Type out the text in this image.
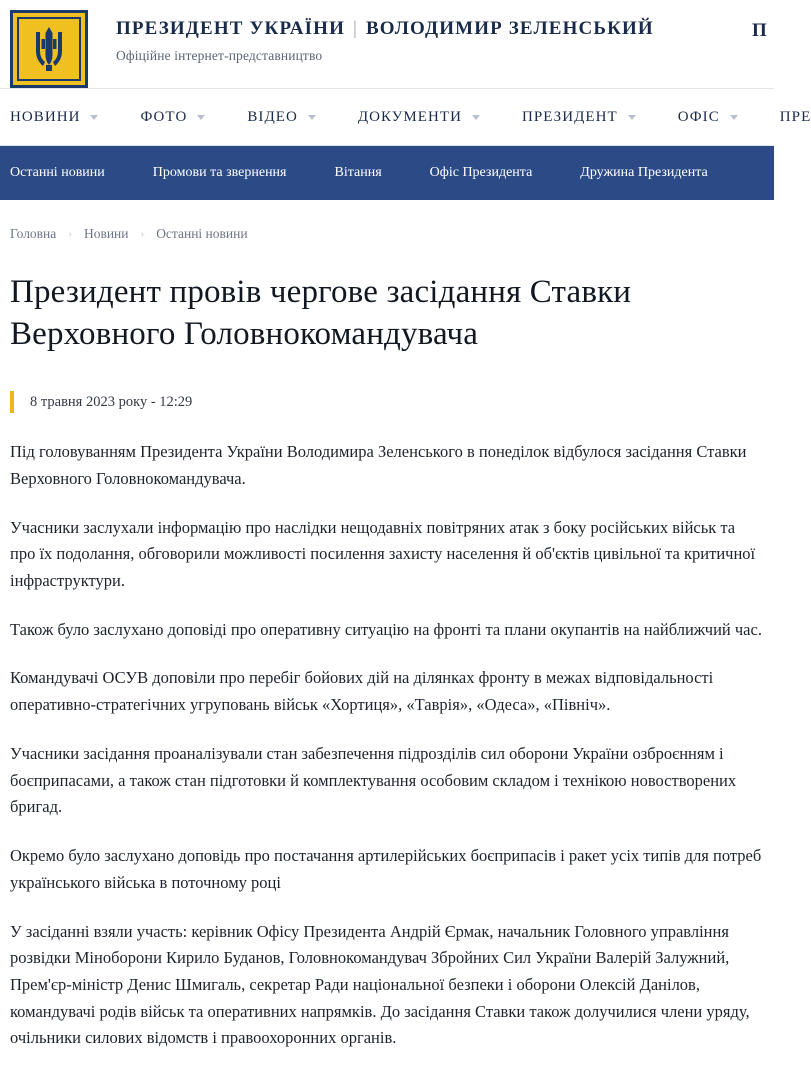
ПРЕЗИДЕНТ УКРАЇНИ | ВОЛОДИМИР ЗЕЛЕНСЬКИЙ
Офіційне інтернет-представництво
П
НОВИНИ	ФОТО	ВІДЕО	ДОКУМЕНТИ	ПРЕЗИДЕНТ	ОФІС	ПРЕ
Останні новини	Промови та звернення	Вітання	Офіс Президента	Дружина Президента
Головна › Новини › Останні новини
Президент провів чергове засідання Ставки Верховного Головнокомандувача
8 травня 2023 року - 12:29

Під головуванням Президента України Володимира Зеленського в понеділок відбулося засідання Ставки Верховного Головнокомандувача.

Учасники заслухали інформацію про наслідки нещодавніх повітряних атак з боку російських військ та про їх подолання, обговорили можливості посилення захисту населення й об'єктів цивільної та критичної інфраструктури.

Також було заслухано доповіді про оперативну ситуацію на фронті та плани окупантів на найближчий час.

Командувачі ОСУВ доповіли про перебіг бойових дій на ділянках фронту в межах відповідальності оперативно-стратегічних угруповань військ «Хортиця», «Таврія», «Одеса», «Північ».

Учасники засідання проаналізували стан забезпечення підрозділів сил оборони України озброєнням і боєприпасами, а також стан підготовки й комплектування особовим складом і технікою новостворених бригад.

Окремо було заслухано доповідь про постачання артилерійських боєприпасів і ракет усіх типів для потреб українського війська в поточному році

У засіданні взяли участь: керівник Офісу Президента Андрій Єрмак, начальник Головного управління розвідки Міноборони Кирило Буданов, Головнокомандувач Збройних Сил України Валерій Залужний, Прем'єр-міністр Денис Шмигаль, секретар Ради національної безпеки і оборони Олексій Данілов, командувачі родів військ та оперативних напрямків. До засідання Ставки також долучилися члени уряду, очільники силових відомств і правоохоронних органів.
